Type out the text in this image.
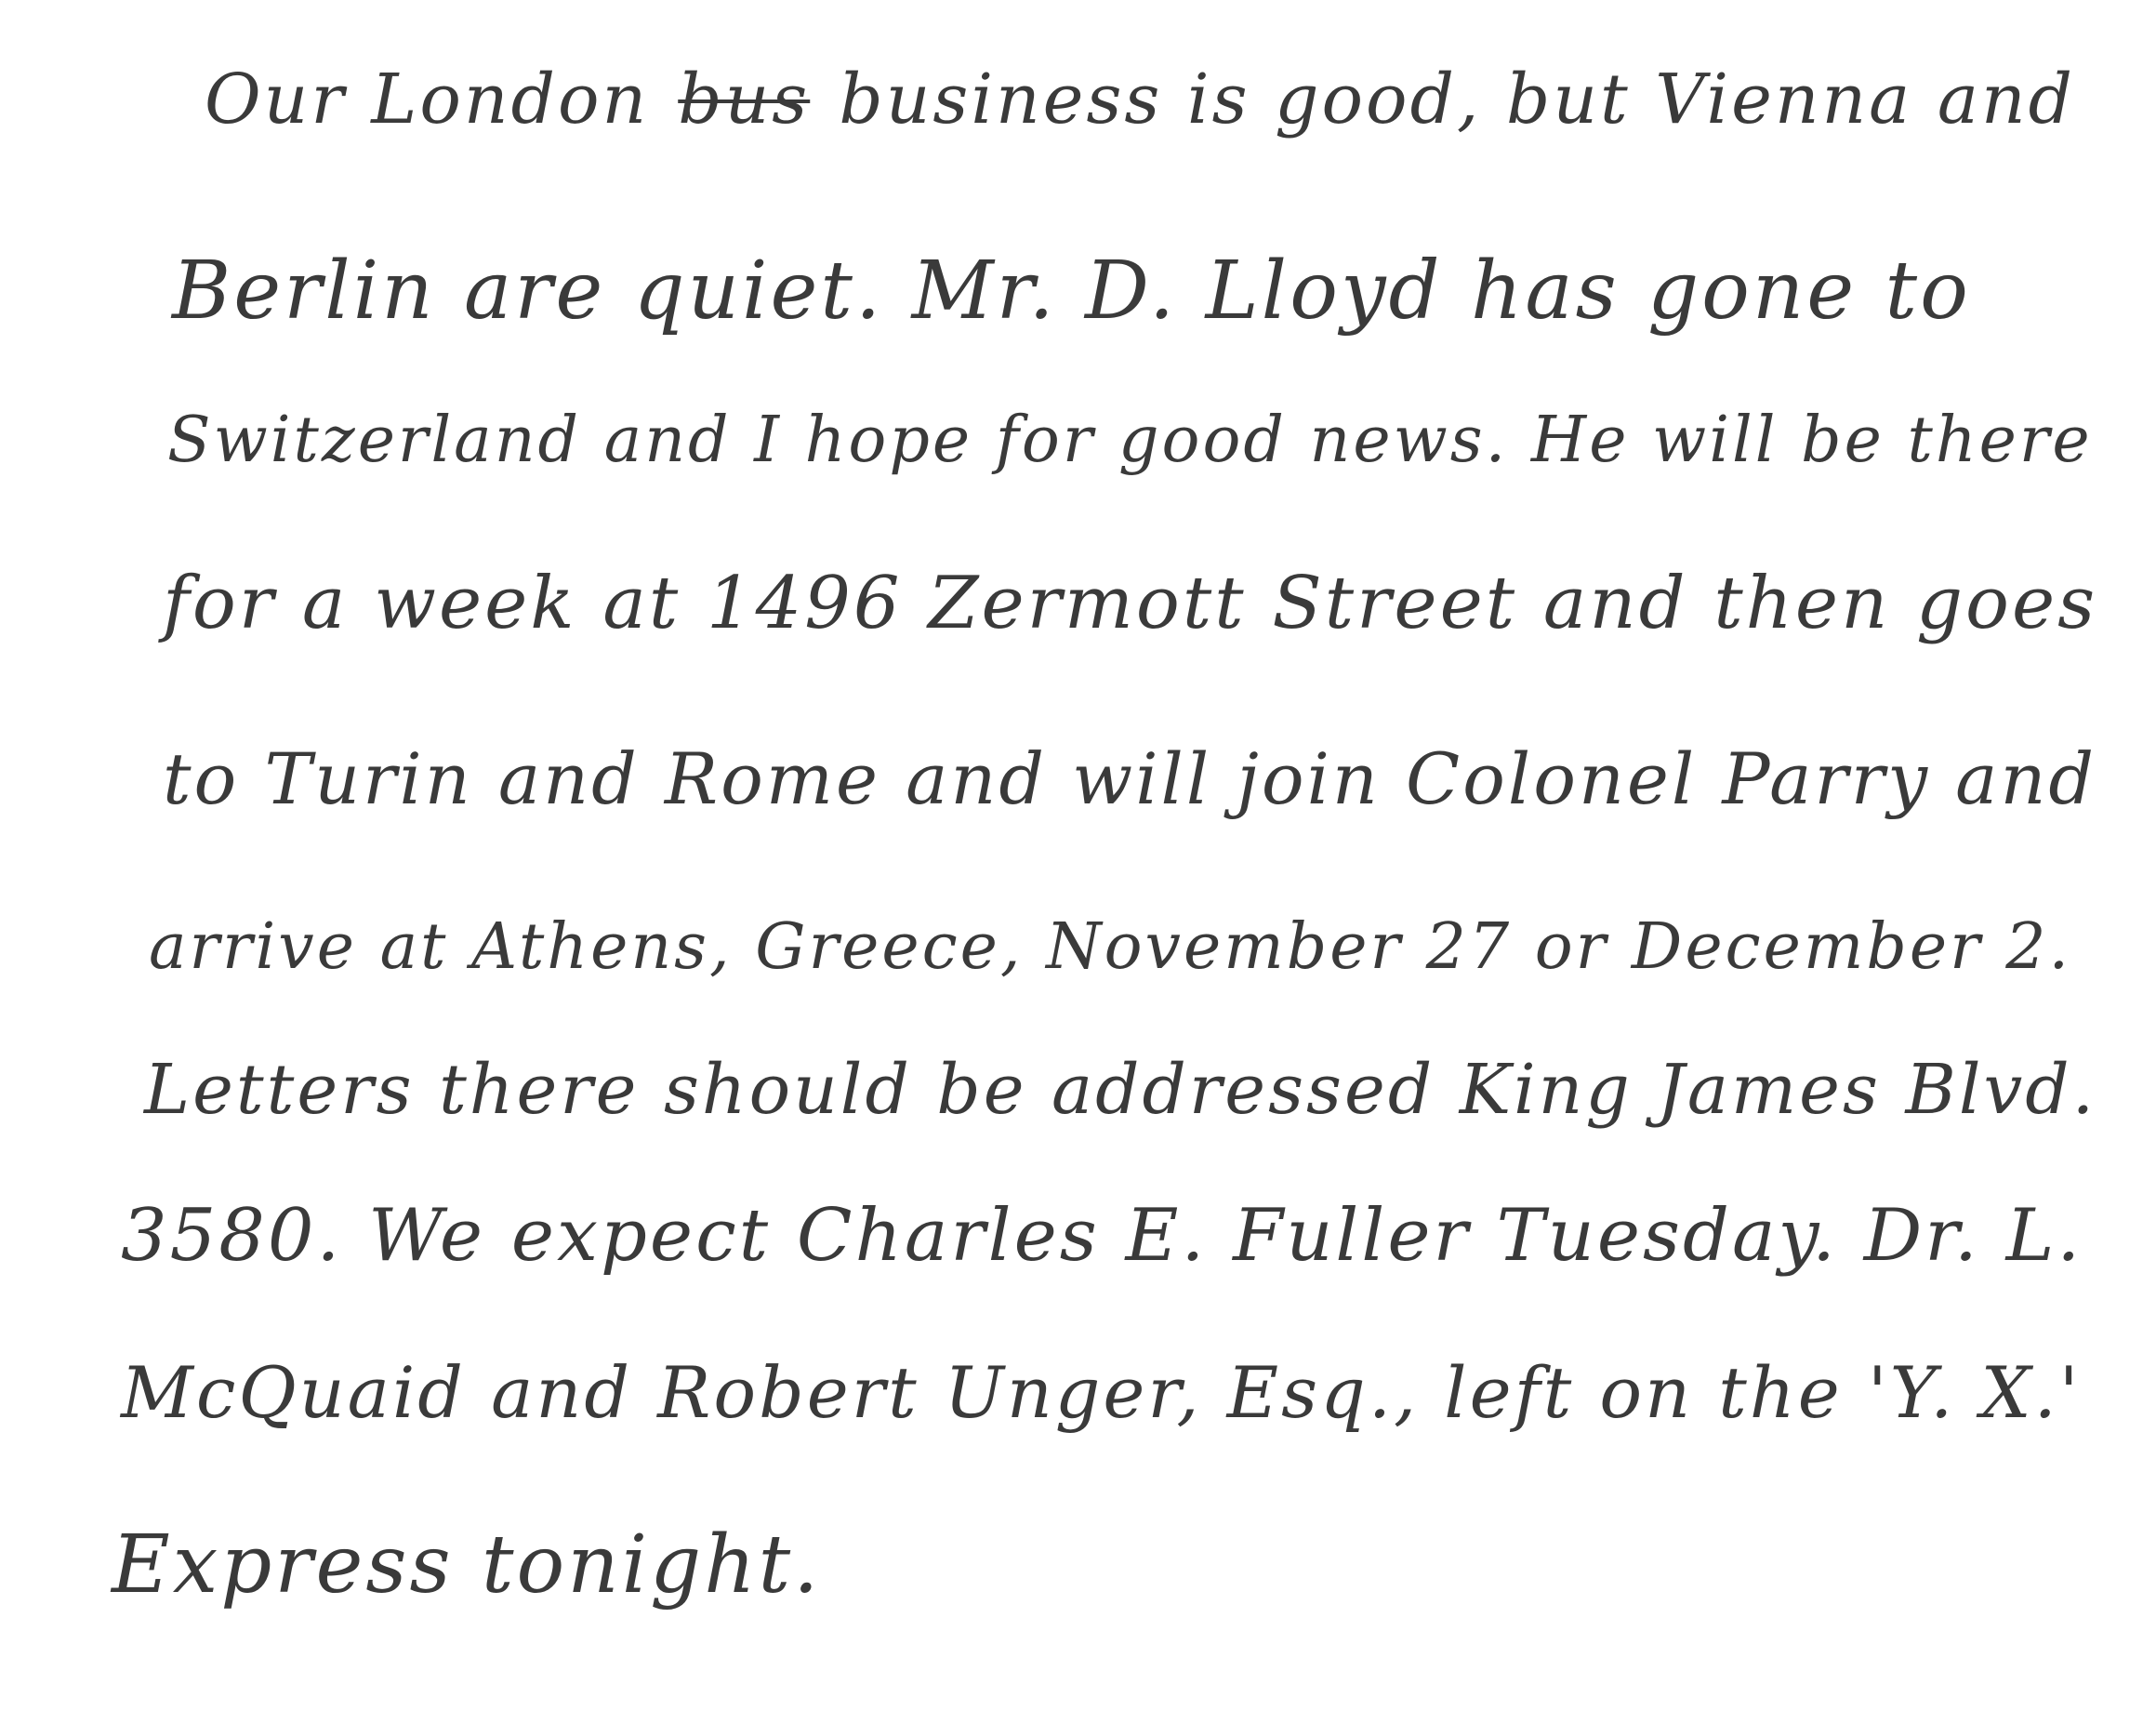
Our London bus business is good, but Vienna and
Berlin are quiet. Mr. D. Lloyd has gone to
Switzerland and I hope for good news. He will be there
for a week at 1496 Zermott Street and then goes
to Turin and Rome and will join Colonel Parry and
arrive at Athens, Greece, November 27 or December 2.
Letters there should be addressed King James Blvd.
3580. We expect Charles E. Fuller Tuesday. Dr. L.
McQuaid and Robert Unger, Esq., left on the 'Y. X.'
Express tonight.
